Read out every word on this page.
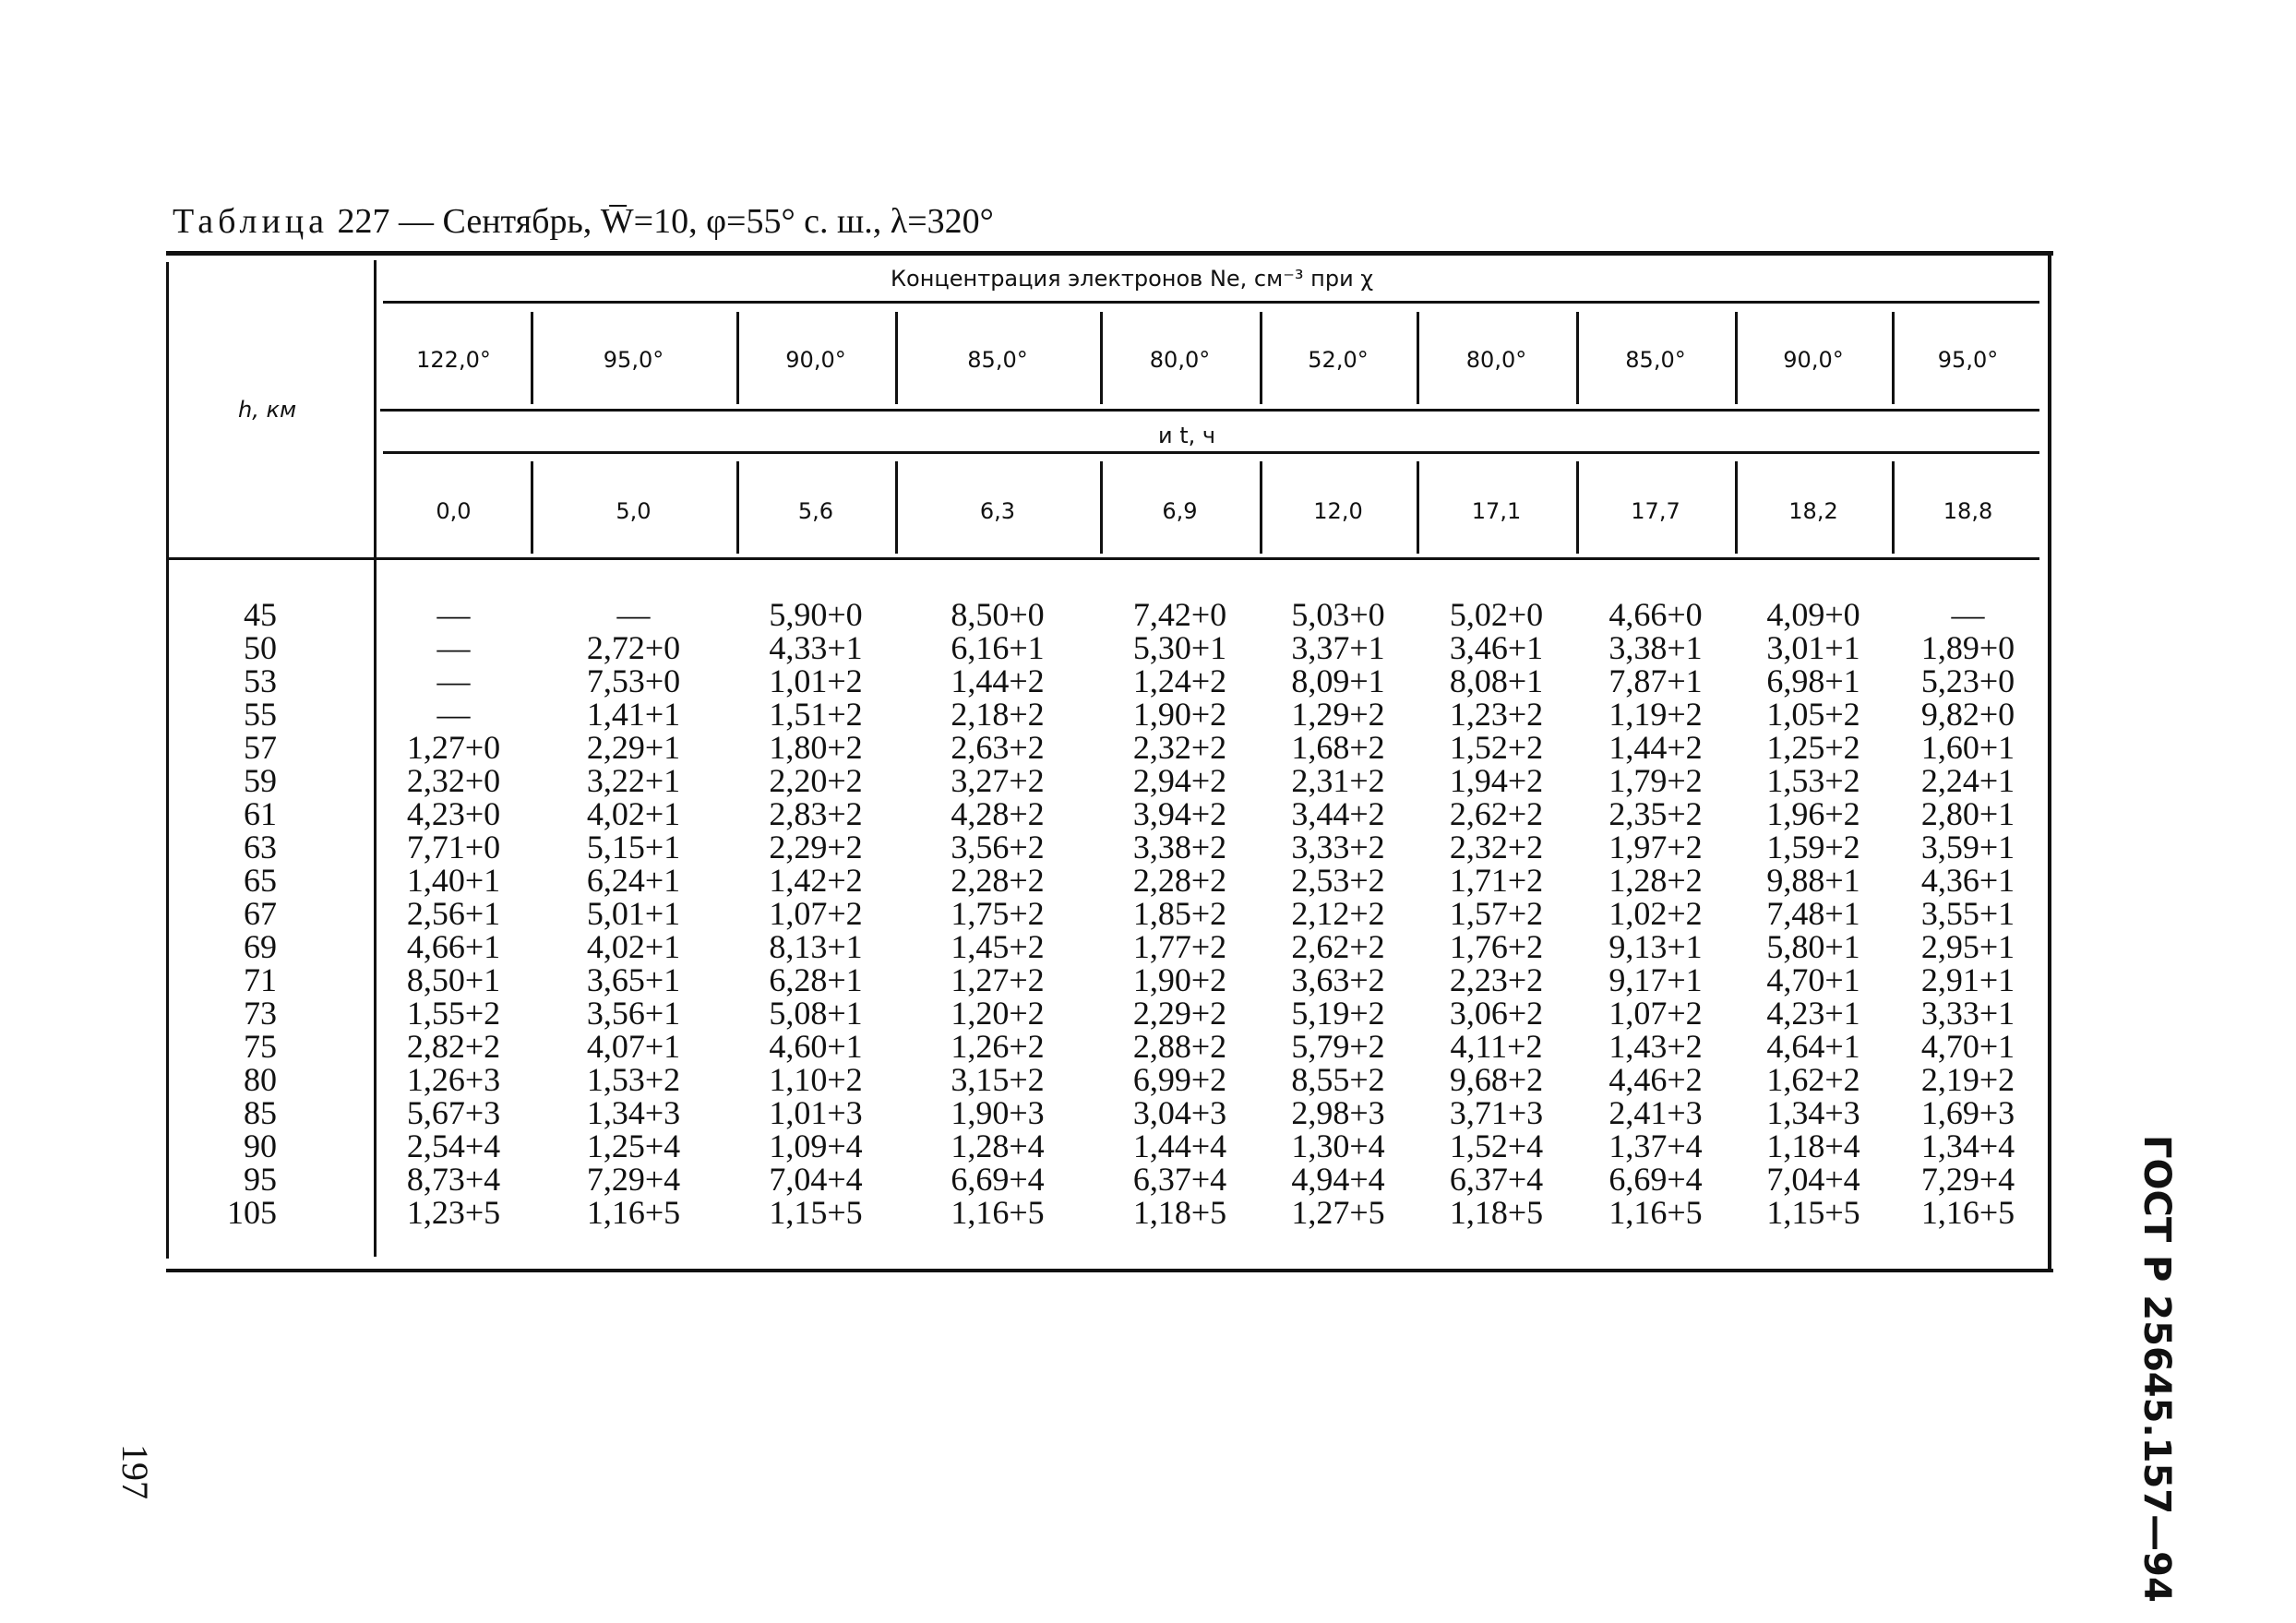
Таблица 227 — Сентябрь, W̅=10, φ=55° с. ш., λ=320°
h, км
Концентрация электронов Ne, см⁻³ при χ
и t, ч
122,0°	95,0°	90,0°	85,0°	80,0°	52,0°	80,0°	85,0°	90,0°	95,0°
0,0	5,0	5,6	6,3	6,9	12,0	17,1	17,7	18,2	18,8
45	—	—	5,90+0	8,50+0	7,42+0	5,03+0	5,02+0	4,66+0	4,09+0	—
50	—	2,72+0	4,33+1	6,16+1	5,30+1	3,37+1	3,46+1	3,38+1	3,01+1	1,89+0
53	—	7,53+0	1,01+2	1,44+2	1,24+2	8,09+1	8,08+1	7,87+1	6,98+1	5,23+0
55	—	1,41+1	1,51+2	2,18+2	1,90+2	1,29+2	1,23+2	1,19+2	1,05+2	9,82+0
57	1,27+0	2,29+1	1,80+2	2,63+2	2,32+2	1,68+2	1,52+2	1,44+2	1,25+2	1,60+1
59	2,32+0	3,22+1	2,20+2	3,27+2	2,94+2	2,31+2	1,94+2	1,79+2	1,53+2	2,24+1
61	4,23+0	4,02+1	2,83+2	4,28+2	3,94+2	3,44+2	2,62+2	2,35+2	1,96+2	2,80+1
63	7,71+0	5,15+1	2,29+2	3,56+2	3,38+2	3,33+2	2,32+2	1,97+2	1,59+2	3,59+1
65	1,40+1	6,24+1	1,42+2	2,28+2	2,28+2	2,53+2	1,71+2	1,28+2	9,88+1	4,36+1
67	2,56+1	5,01+1	1,07+2	1,75+2	1,85+2	2,12+2	1,57+2	1,02+2	7,48+1	3,55+1
69	4,66+1	4,02+1	8,13+1	1,45+2	1,77+2	2,62+2	1,76+2	9,13+1	5,80+1	2,95+1
71	8,50+1	3,65+1	6,28+1	1,27+2	1,90+2	3,63+2	2,23+2	9,17+1	4,70+1	2,91+1
73	1,55+2	3,56+1	5,08+1	1,20+2	2,29+2	5,19+2	3,06+2	1,07+2	4,23+1	3,33+1
75	2,82+2	4,07+1	4,60+1	1,26+2	2,88+2	5,79+2	4,11+2	1,43+2	4,64+1	4,70+1
80	1,26+3	1,53+2	1,10+2	3,15+2	6,99+2	8,55+2	9,68+2	4,46+2	1,62+2	2,19+2
85	5,67+3	1,34+3	1,01+3	1,90+3	3,04+3	2,98+3	3,71+3	2,41+3	1,34+3	1,69+3
90	2,54+4	1,25+4	1,09+4	1,28+4	1,44+4	1,30+4	1,52+4	1,37+4	1,18+4	1,34+4
95	8,73+4	7,29+4	7,04+4	6,69+4	6,37+4	4,94+4	6,37+4	6,69+4	7,04+4	7,29+4
105	1,23+5	1,16+5	1,15+5	1,16+5	1,18+5	1,27+5	1,18+5	1,16+5	1,15+5	1,16+5	ГОСТ Р 25645.157—94
197
